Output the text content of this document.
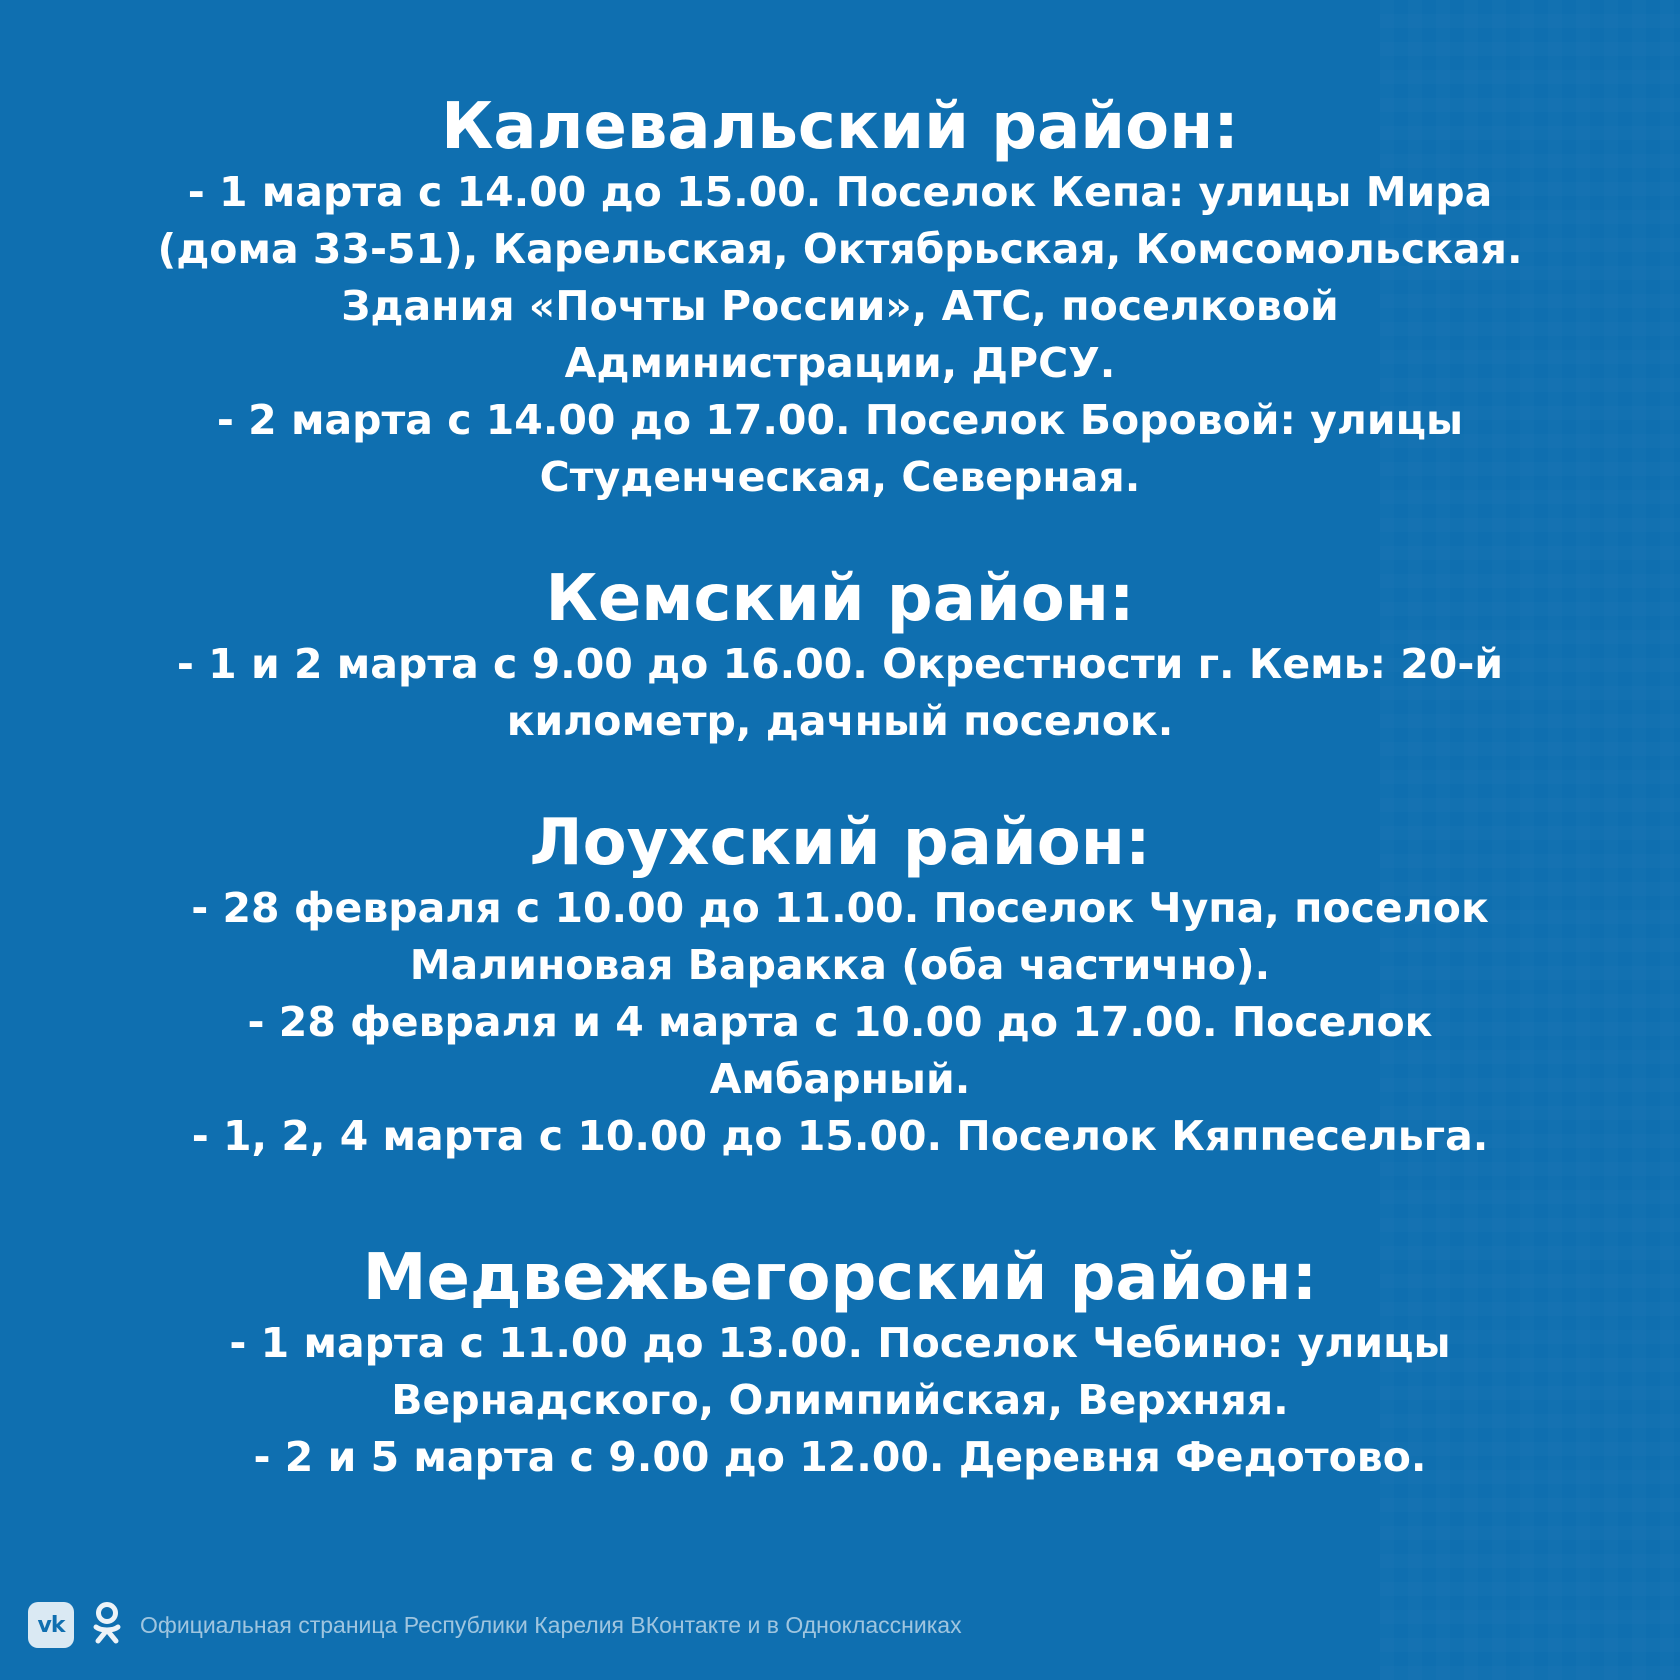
Калевальский район:
- 1 марта с 14.00 до 15.00. Поселок Кепа: улицы Мира
(дома 33-51), Карельская, Октябрьская, Комсомольская.
Здания «Почты России», АТС, поселковой
Администрации, ДРСУ.
- 2 марта с 14.00 до 17.00. Поселок Боровой: улицы
Студенческая, Северная.
Кемский район:
- 1 и 2 марта с 9.00 до 16.00. Окрестности г. Кемь: 20-й
километр, дачный поселок.
Лоухский район:
- 28 февраля с 10.00 до 11.00. Поселок Чупа, поселок
Малиновая Варакка (оба частично).
- 28 февраля и 4 марта с 10.00 до 17.00. Поселок
Амбарный.
- 1, 2, 4 марта с 10.00 до 15.00. Поселок Кяппесельга.
Медвежьегорский район:
- 1 марта с 11.00 до 13.00. Поселок Чебино: улицы
Вернадского, Олимпийская, Верхняя.
- 2 и 5 марта с 9.00 до 12.00. Деревня Федотово.
vk	Официальная страница Республики Карелия ВКонтакте и в Одноклассниках
